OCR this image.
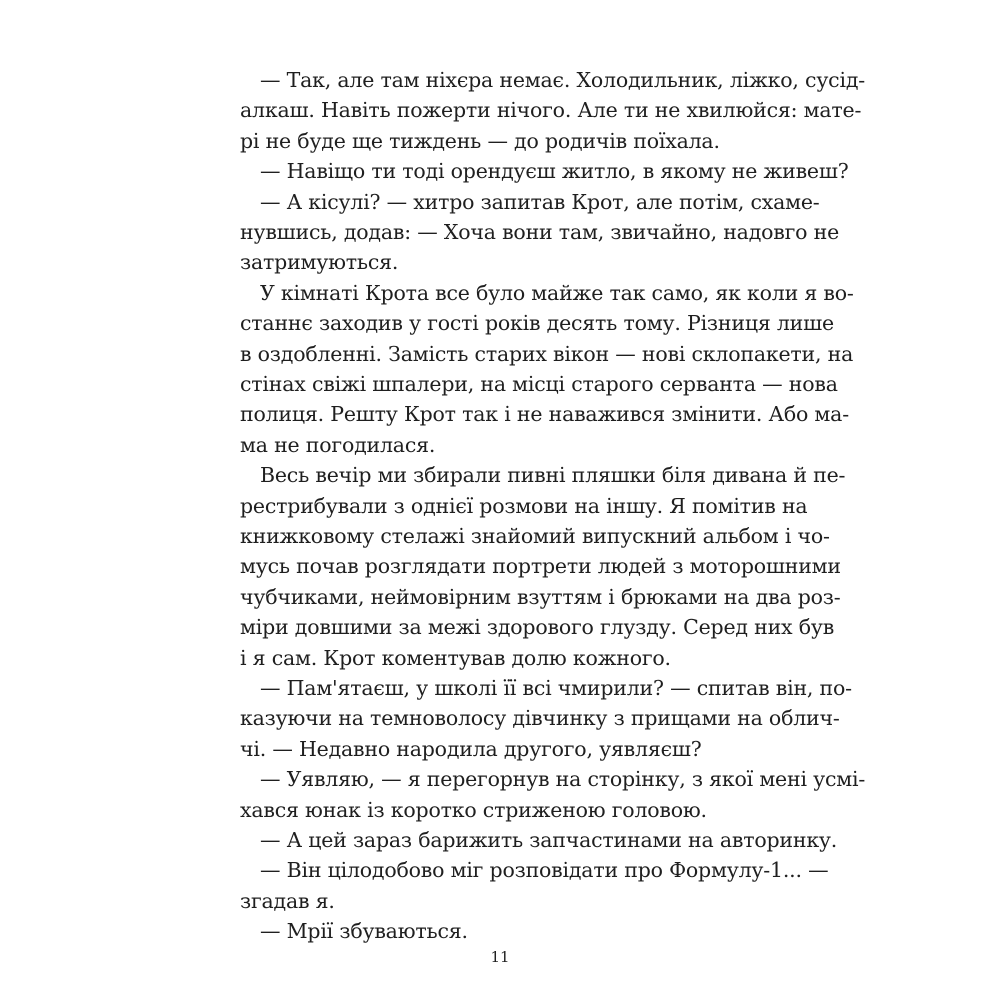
— Так, але там ніхєра немає. Холодильник, ліжко, сусід-
алкаш. Навіть пожерти нічого. Але ти не хвилюйся: мате-
рі не буде ще тиждень — до родичів поїхала.
— Навіщо ти тоді орендуєш житло, в якому не живеш?
— А кісулі? — хитро запитав Крот, але потім, схаме-
нувшись, додав: — Хоча вони там, звичайно, надовго не
затримуються.
У кімнаті Крота все було майже так само, як коли я во-
станнє заходив у гості років десять тому. Різниця лише
в оздобленні. Замість старих вікон — нові склопакети, на
стінах свіжі шпалери, на місці старого серванта — нова
полиця. Решту Крот так і не наважився змінити. Або ма-
ма не погодилася.
Весь вечір ми збирали пивні пляшки біля дивана й пе-
рестрибували з однієї розмови на іншу. Я помітив на
книжковому стелажі знайомий випускний альбом і чо-
мусь почав розглядати портрети людей з моторошними
чубчиками, неймовірним взуттям і брюками на два роз-
міри довшими за межі здорового глузду. Серед них був
і я сам. Крот коментував долю кожного.
— Пам'ятаєш, у школі її всі чмирили? — спитав він, по-
казуючи на темноволосу дівчинку з прищами на облич-
чі. — Недавно народила другого, уявляєш?
— Уявляю, — я перегорнув на сторінку, з якої мені усмі-
хався юнак із коротко стриженою головою.
— А цей зараз барижить запчастинами на авторинку.
— Він цілодобово міг розповідати про Формулу-1... —
згадав я.
— Мрії збуваються.
11
